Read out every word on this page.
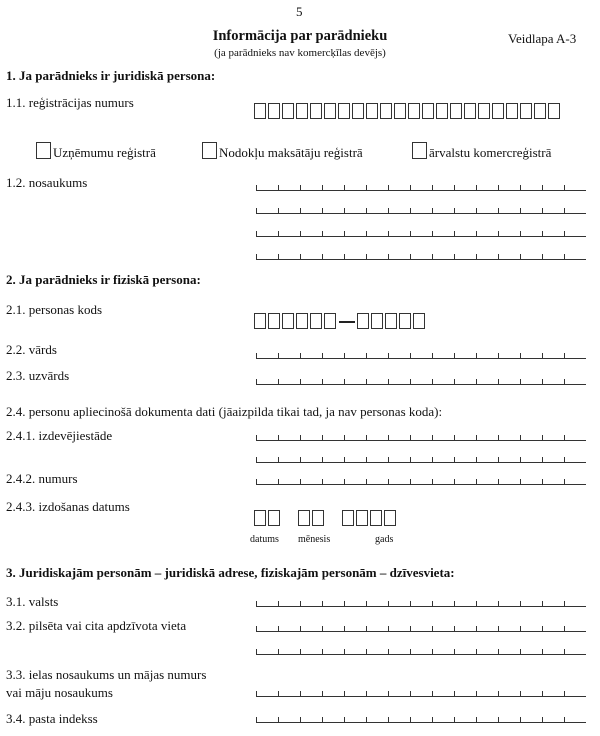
5
Informācija par parādnieku
(ja parādnieks nav komercķīlas devējs)
Veidlapa A-3
1. Ja parādnieks ir juridiskā persona:
1.1. reģistrācijas numurs
Uzņēmumu reģistrā	Nodokļu maksātāju reģistrā	ārvalstu komercreģistrā
1.2. nosaukums
2. Ja parādnieks ir fiziskā persona:
2.1. personas kods
2.2. vārds
2.3. uzvārds
2.4. personu apliecinošā dokumenta dati (jāaizpilda tikai tad, ja nav personas koda):
2.4.1. izdevējiestāde
2.4.2. numurs
2.4.3. izdošanas datums
datums mēnesis	gads
3. Juridiskajām personām – juridiskā adrese, fiziskajām personām – dzīvesvieta:
3.1. valsts
3.2. pilsēta vai cita apdzīvota vieta
3.3. ielas nosaukums un mājas numurs
vai māju nosaukums
3.4. pasta indekss
